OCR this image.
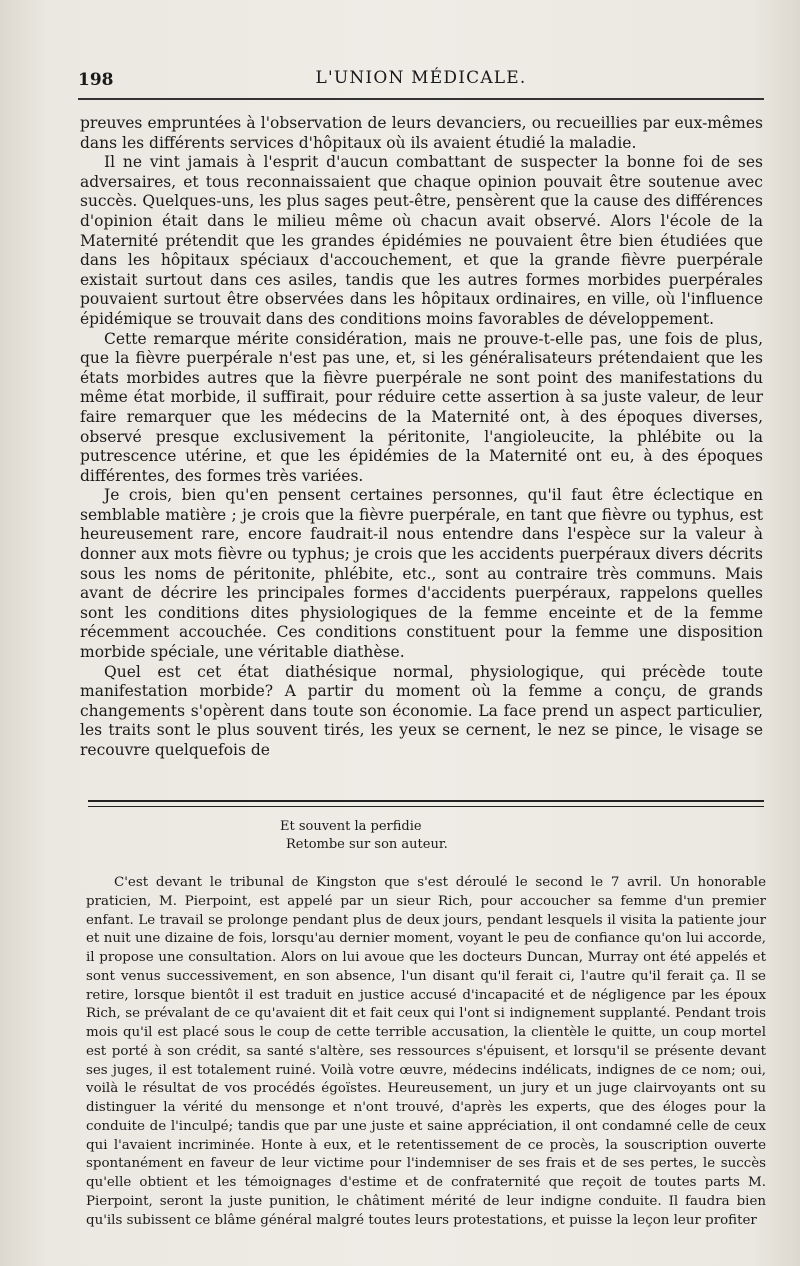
198	L'UNION MÉDICALE.

preuves empruntées à l'observation de leurs devanciers, ou recueillies par eux-mêmes dans les différents services d'hôpitaux où ils avaient étudié la maladie.

Il ne vint jamais à l'esprit d'aucun combattant de suspecter la bonne foi de ses adversaires, et tous reconnaissaient que chaque opinion pouvait être soutenue avec succès. Quelques-uns, les plus sages peut-être, pensèrent que la cause des différences d'opinion était dans le milieu même où chacun avait observé. Alors l'école de la Maternité prétendit que les grandes épidémies ne pouvaient être bien étudiées que dans les hôpitaux spéciaux d'accouchement, et que la grande fièvre puerpérale existait surtout dans ces asiles, tandis que les autres formes morbides puerpérales pouvaient surtout être observées dans les hôpitaux ordinaires, en ville, où l'influence épidémique se trouvait dans des conditions moins favorables de développement.

Cette remarque mérite considération, mais ne prouve-t-elle pas, une fois de plus, que la fièvre puerpérale n'est pas une, et, si les généralisateurs prétendaient que les états morbides autres que la fièvre puerpérale ne sont point des manifestations du même état morbide, il suffirait, pour réduire cette assertion à sa juste valeur, de leur faire remarquer que les médecins de la Maternité ont, à des époques diverses, observé presque exclusivement la péritonite, l'angioleucite, la phlébite ou la putrescence utérine, et que les épidémies de la Maternité ont eu, à des époques différentes, des formes très variées.

Je crois, bien qu'en pensent certaines personnes, qu'il faut être éclectique en semblable matière ; je crois que la fièvre puerpérale, en tant que fièvre ou typhus, est heureusement rare, encore faudrait-il nous entendre dans l'espèce sur la valeur à donner aux mots fièvre ou typhus; je crois que les accidents puerpéraux divers décrits sous les noms de péritonite, phlébite, etc., sont au contraire très communs. Mais avant de décrire les principales formes d'accidents puerpéraux, rappelons quelles sont les conditions dites physiologiques de la femme enceinte et de la femme récemment accouchée. Ces conditions constituent pour la femme une disposition morbide spéciale, une véritable diathèse.

Quel est cet état diathésique normal, physiologique, qui précède toute manifestation morbide? A partir du moment où la femme a conçu, de grands changements s'opèrent dans toute son économie. La face prend un aspect particulier, les traits sont le plus souvent tirés, les yeux se cernent, le nez se pince, le visage se recouvre quelquefois de

Et souvent la perfidie
Retombe sur son auteur.

C'est devant le tribunal de Kingston que s'est déroulé le second le 7 avril. Un honorable praticien, M. Pierpoint, est appelé par un sieur Rich, pour accoucher sa femme d'un premier enfant. Le travail se prolonge pendant plus de deux jours, pendant lesquels il visita la patiente jour et nuit une dizaine de fois, lorsqu'au dernier moment, voyant le peu de confiance qu'on lui accorde, il propose une consultation. Alors on lui avoue que les docteurs Duncan, Murray ont été appelés et sont venus successivement, en son absence, l'un disant qu'il ferait ci, l'autre qu'il ferait ça. Il se retire, lorsque bientôt il est traduit en justice accusé d'incapacité et de négligence par les époux Rich, se prévalant de ce qu'avaient dit et fait ceux qui l'ont si indignement supplanté. Pendant trois mois qu'il est placé sous le coup de cette terrible accusation, la clientèle le quitte, un coup mortel est porté à son crédit, sa santé s'altère, ses ressources s'épuisent, et lorsqu'il se présente devant ses juges, il est totalement ruiné. Voilà votre œuvre, médecins indélicats, indignes de ce nom; oui, voilà le résultat de vos procédés égoïstes. Heureusement, un jury et un juge clairvoyants ont su distinguer la vérité du mensonge et n'ont trouvé, d'après les experts, que des éloges pour la conduite de l'inculpé; tandis que par une juste et saine appréciation, il ont condamné celle de ceux qui l'avaient incriminée. Honte à eux, et le retentissement de ce procès, la souscription ouverte spontanément en faveur de leur victime pour l'indemniser de ses frais et de ses pertes, le succès qu'elle obtient et les témoignages d'estime et de confraternité que reçoit de toutes parts M. Pierpoint, seront la juste punition, le châtiment mérité de leur indigne conduite. Il faudra bien qu'ils subissent ce blâme général malgré toutes leurs protestations, et puisse la leçon leur profiter
